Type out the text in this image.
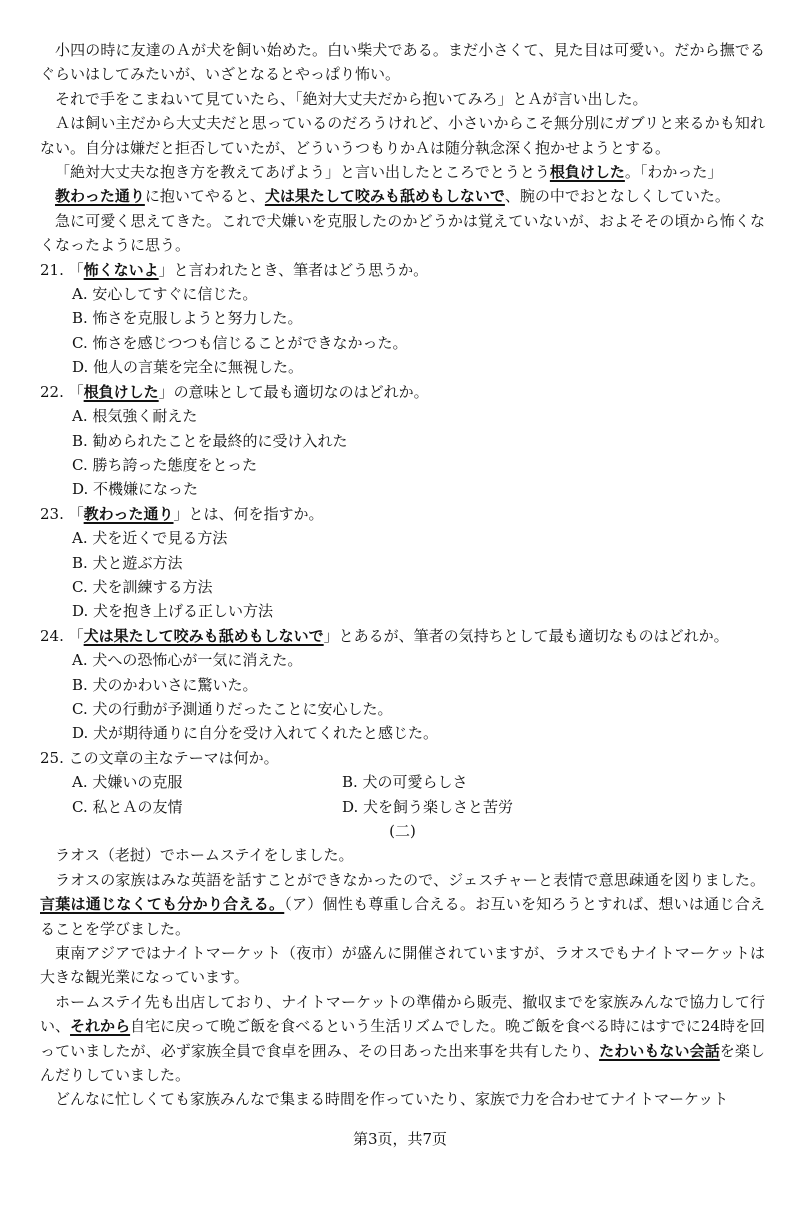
小四の時に友達のＡが犬を飼い始めた。白い柴犬である。まだ小さくて、見た目は可愛い。だから撫でるぐらいはしてみたいが、いざとなるとやっぱり怖い。

それで手をこまねいて見ていたら、「絶対大丈夫だから抱いてみろ」とＡが言い出した。

Ａは飼い主だから大丈夫だと思っているのだろうけれど、小さいからこそ無分別にガブリと来るかも知れない。自分は嫌だと拒否していたが、どういうつもりかＡは随分執念深く抱かせようとする。

「絶対大丈夫な抱き方を教えてあげよう」と言い出したところでとうとう根負けした。「わかった」

教わった通りに抱いてやると、犬は果たして咬みも舐めもしないで、腕の中でおとなしくしていた。

急に可愛く思えてきた。これで犬嫌いを克服したのかどうかは覚えていないが、およそその頃から怖くなくなったように思う。

21. 「怖くないよ」と言われたとき、筆者はどう思うか。

A. 安心してすぐに信じた。

B. 怖さを克服しようと努力した。

C. 怖さを感じつつも信じることができなかった。

D. 他人の言葉を完全に無視した。

22. 「根負けした」の意味として最も適切なのはどれか。

A. 根気強く耐えた

B. 勧められたことを最終的に受け入れた

C. 勝ち誇った態度をとった

D. 不機嫌になった

23. 「教わった通り」とは、何を指すか。

A. 犬を近くで見る方法

B. 犬と遊ぶ方法

C. 犬を訓練する方法

D. 犬を抱き上げる正しい方法

24. 「犬は果たして咬みも舐めもしないで」とあるが、筆者の気持ちとして最も適切なものはどれか。

A. 犬への恐怖心が一気に消えた。

B. 犬のかわいさに驚いた。

C. 犬の行動が予測通りだったことに安心した。

D. 犬が期待通りに自分を受け入れてくれたと感じた。

25. この文章の主なテーマは何か。

A. 犬嫌いの克服	B. 犬の可愛らしさ
C. 私とＡの友情	D. 犬を飼う楽しさと苦労

(二)

ラオス（老挝）でホームステイをしました。

ラオスの家族はみな英語を話すことができなかったので、ジェスチャーと表情で意思疎通を図りました。言葉は通じなくても分かり合える。（ア）個性も尊重し合える。お互いを知ろうとすれば、想いは通じ合えることを学びました。

東南アジアではナイトマーケット（夜市）が盛んに開催されていますが、ラオスでもナイトマーケットは大きな観光業になっています。

ホームステイ先も出店しており、ナイトマーケットの準備から販売、撤収までを家族みんなで協力して行い、それから自宅に戻って晩ご飯を食べるという生活リズムでした。晩ご飯を食べる時にはすでに24時を回っていましたが、必ず家族全員で食卓を囲み、その日あった出来事を共有したり、たわいもない会話を楽しんだりしていました。

どんなに忙しくても家族みんなで集まる時間を作っていたり、家族で力を合わせてナイトマーケット

第3页，共7页
